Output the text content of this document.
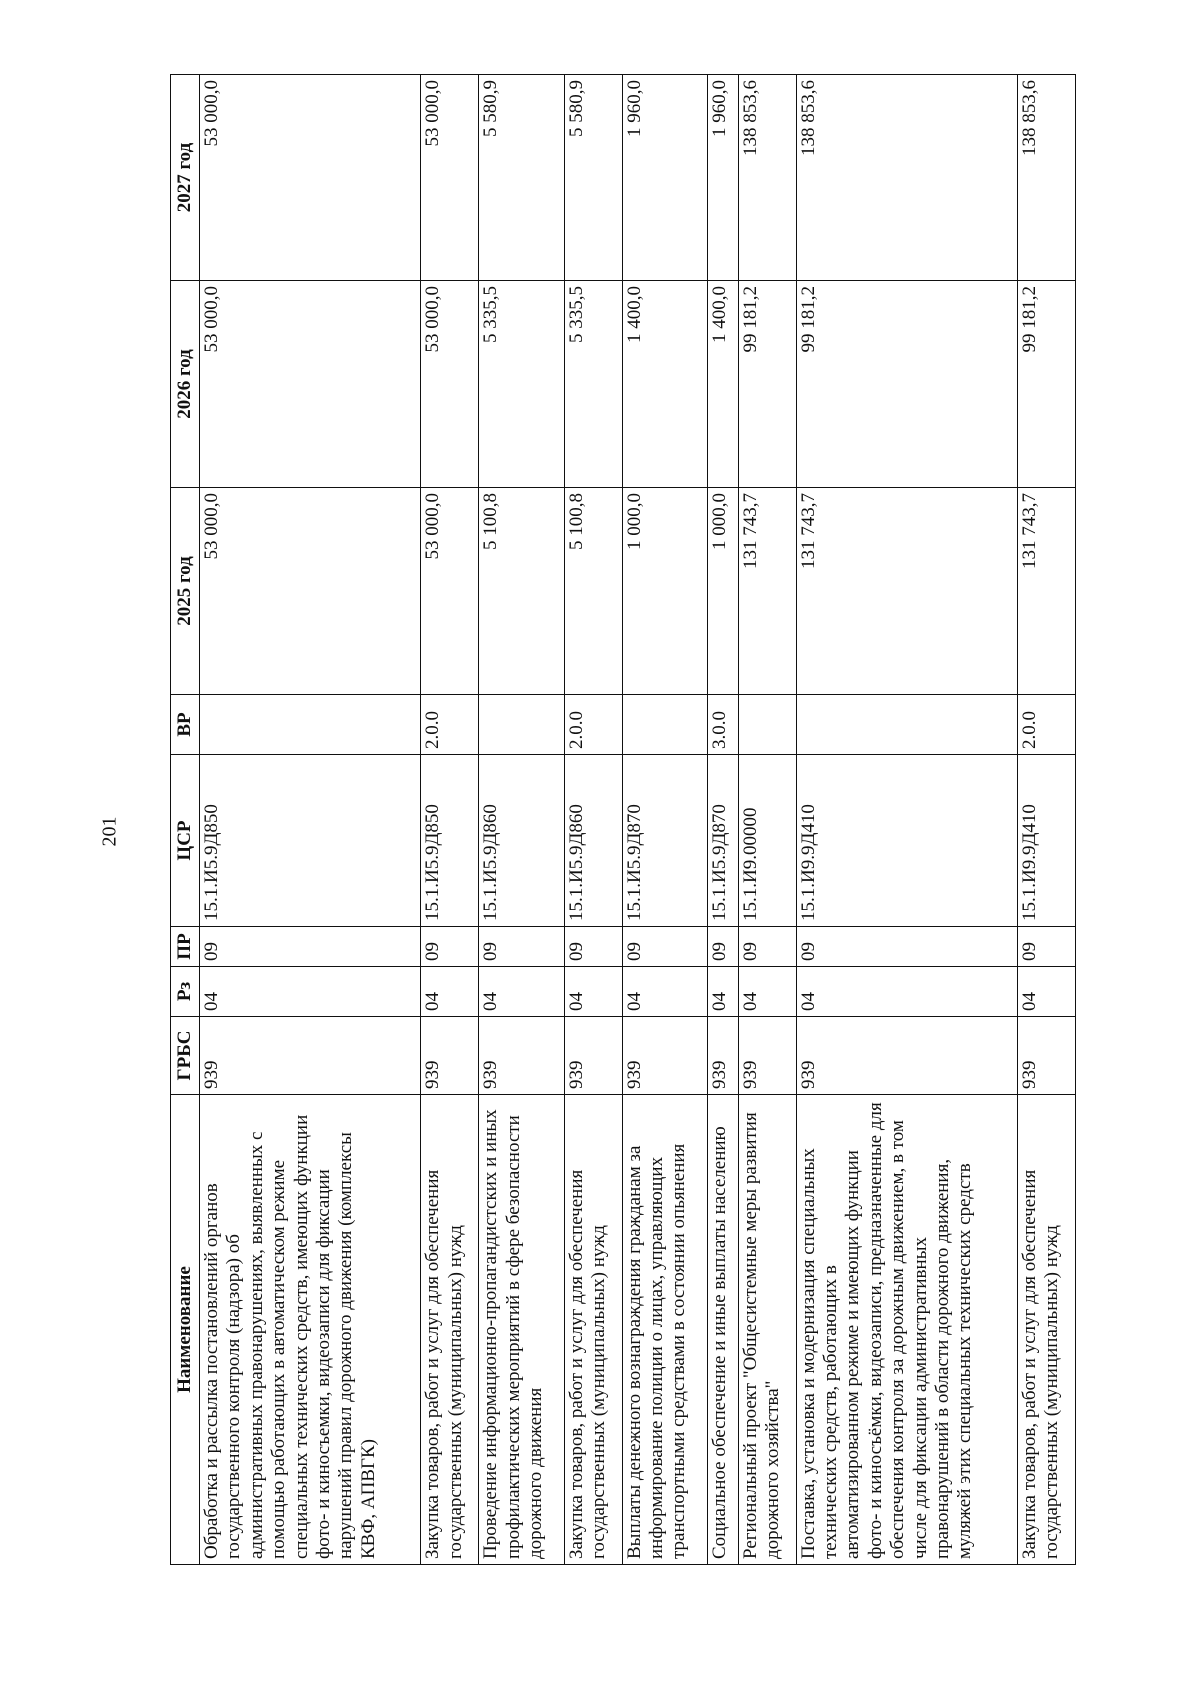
201
Наименование	ГРБС	Рз	ПР	ЦСР	ВР	2025 год	2026 год	2027 год
Обработка и рассылка постановлений органов государственного контроля (надзора) об административных правонарушениях, выявленных с помощью работающих в автоматическом режиме специальных технических средств, имеющих функции фото- и киносъемки, видеозаписи для фиксации нарушений правил дорожного движения (комплексы КВФ, АПВГК)	939	04	09	15.1.И5.9Д850		53 000,0	53 000,0	53 000,0
Закупка товаров, работ и услуг для обеспечения государственных (муниципальных) нужд	939	04	09	15.1.И5.9Д850	2.0.0	53 000,0	53 000,0	53 000,0
Проведение информационно-пропагандистских и иных профилактических мероприятий в сфере безопасности дорожного движения	939	04	09	15.1.И5.9Д860		5 100,8	5 335,5	5 580,9
Закупка товаров, работ и услуг для обеспечения государственных (муниципальных) нужд	939	04	09	15.1.И5.9Д860	2.0.0	5 100,8	5 335,5	5 580,9
Выплаты денежного вознаграждения гражданам за информирование полиции о лицах, управляющих транспортными средствами в состоянии опьянения	939	04	09	15.1.И5.9Д870		1 000,0	1 400,0	1 960,0
Социальное обеспечение и иные выплаты населению	939	04	09	15.1.И5.9Д870	3.0.0	1 000,0	1 400,0	1 960,0
Региональный проект "Общесистемные меры развития дорожного хозяйства"	939	04	09	15.1.И9.00000		131 743,7	99 181,2	138 853,6
Поставка, установка и модернизация специальных технических средств, работающих в автоматизированном режиме и имеющих функции фото- и киносъёмки, видеозаписи, предназначенные для обеспечения контроля за дорожным движением, в том числе для фиксации административных правонарушений в области дорожного движения, муляжей этих специальных технических средств	939	04	09	15.1.И9.9Д410		131 743,7	99 181,2	138 853,6
Закупка товаров, работ и услуг для обеспечения государственных (муниципальных) нужд	939	04	09	15.1.И9.9Д410	2.0.0	131 743,7	99 181,2	138 853,6
